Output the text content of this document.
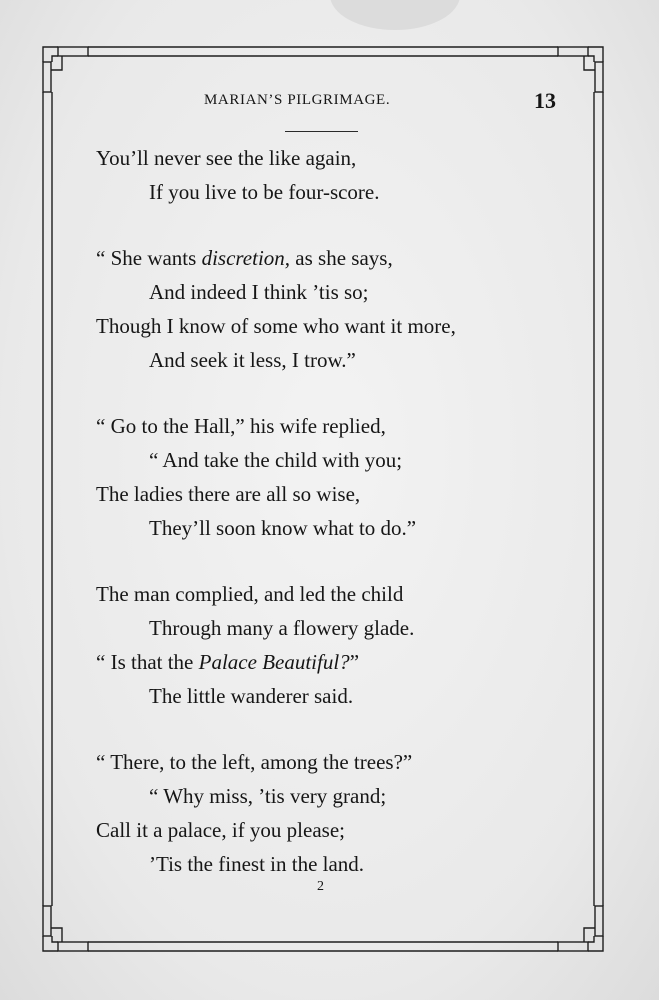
MARIAN’S PILGRIMAGE.	13
You’ll never see the like again,
If you live to be four-score.
“ She wants discretion, as she says,
And indeed I think ’tis so;
Though I know of some who want it more,
And seek it less, I trow.”
“ Go to the Hall,” his wife replied,
“ And take the child with you;
The ladies there are all so wise,
They’ll soon know what to do.”
The man complied, and led the child
Through many a flowery glade.
“ Is that the Palace Beautiful?”
The little wanderer said.
“ There, to the left, among the trees?”
“ Why miss, ’tis very grand;
Call it a palace, if you please;
’Tis the finest in the land.
2
